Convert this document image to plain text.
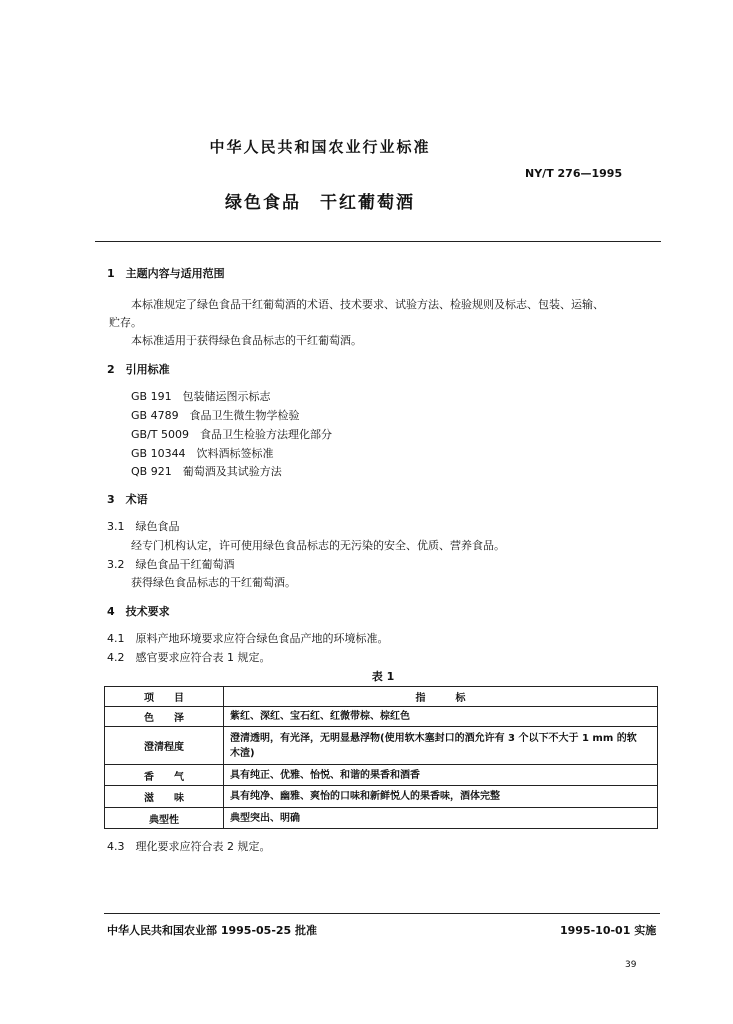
中华人民共和国农业行业标准
NY/T 276—1995
绿色食品　干红葡萄酒
1　主题内容与适用范围
本标准规定了绿色食品干红葡萄酒的术语、技术要求、试验方法、检验规则及标志、包装、运输、
贮存。
本标准适用于获得绿色食品标志的干红葡萄酒。
2　引用标准
GB 191　包装储运图示标志
GB 4789　食品卫生微生物学检验
GB/T 5009　食品卫生检验方法理化部分
GB 10344　饮料酒标签标准
QB 921　葡萄酒及其试验方法
3　术语
3.1　绿色食品
经专门机构认定，许可使用绿色食品标志的无污染的安全、优质、营养食品。
3.2　绿色食品干红葡萄酒
获得绿色食品标志的干红葡萄酒。
4　技术要求
4.1　原料产地环境要求应符合绿色食品产地的环境标准。
4.2　感官要求应符合表 1 规定。
表 1
项　　目	指　　　标
色　　泽	紫红、深红、宝石红、红微带棕、棕红色
澄清程度	澄清透明，有光泽，无明显悬浮物(使用软木塞封口的酒允许有 3 个以下不大于 1 mm 的软
木渣)

香　　气	具有纯正、优雅、怡悦、和谐的果香和酒香
滋　　味	具有纯净、幽雅、爽怡的口味和新鲜悦人的果香味，酒体完整
典型性	典型突出、明确
4.3　理化要求应符合表 2 规定。
中华人民共和国农业部 1995-05-25 批准	1995-10-01 实施
39
